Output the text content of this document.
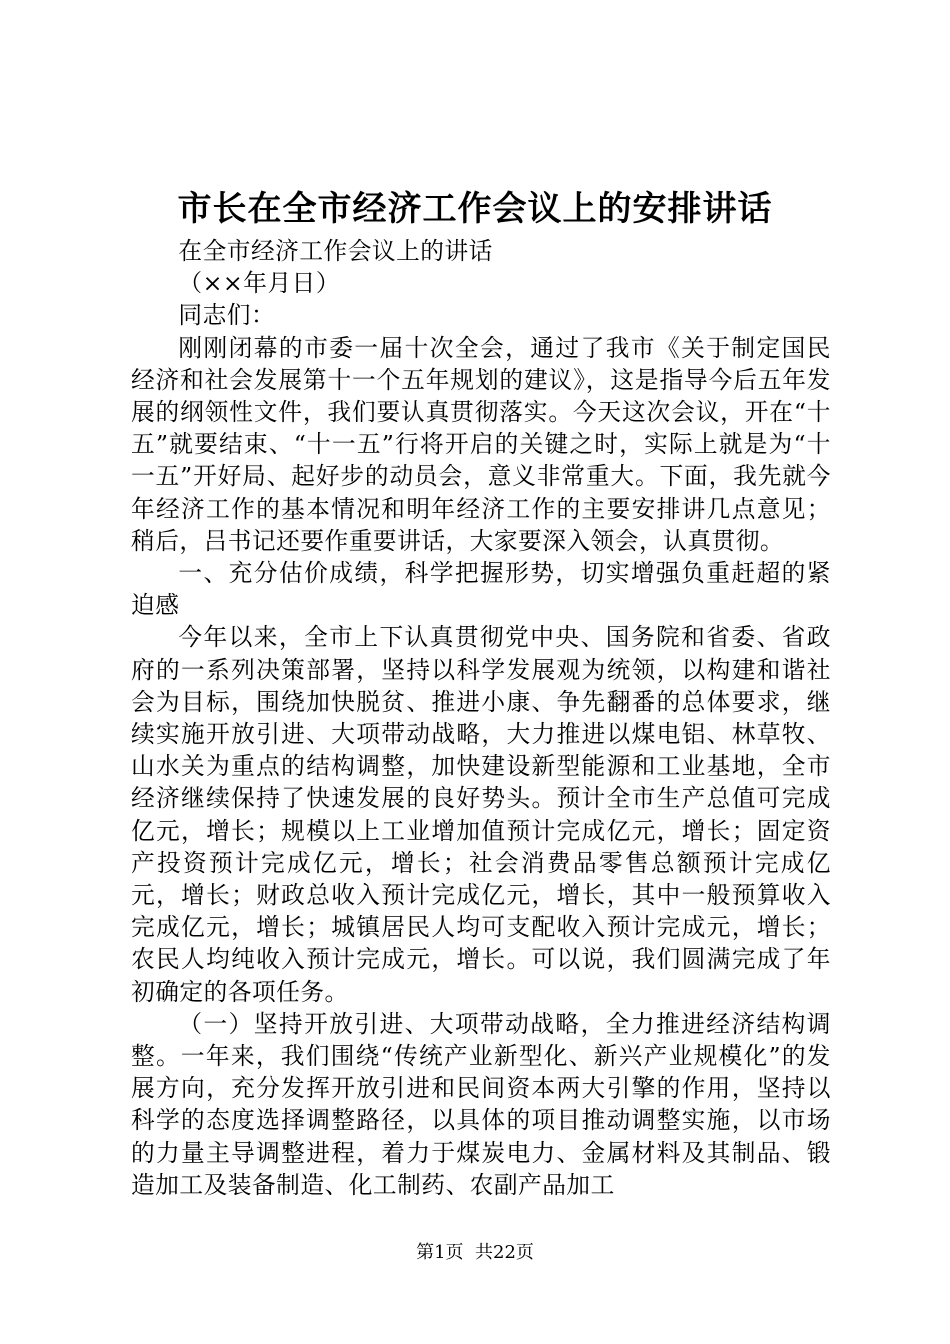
市长在全市经济工作会议上的安排讲话

在全市经济工作会议上的讲话

（××年月日）

同志们：

刚刚闭幕的市委一届十次全会，通过了我市《关于制定国民经济和社会发展第十一个五年规划的建议》，这是指导今后五年发展的纲领性文件，我们要认真贯彻落实。今天这次会议，开在“十五”就要结束、“十一五”行将开启的关键之时，实际上就是为“十一五”开好局、起好步的动员会，意义非常重大。下面，我先就今年经济工作的基本情况和明年经济工作的主要安排讲几点意见；稍后，吕书记还要作重要讲话，大家要深入领会，认真贯彻。

一、充分估价成绩，科学把握形势，切实增强负重赶超的紧迫感

今年以来，全市上下认真贯彻党中央、国务院和省委、省政府的一系列决策部署，坚持以科学发展观为统领，以构建和谐社会为目标，围绕加快脱贫、推进小康、争先翻番的总体要求，继续实施开放引进、大项带动战略，大力推进以煤电铝、林草牧、山水关为重点的结构调整，加快建设新型能源和工业基地，全市经济继续保持了快速发展的良好势头。预计全市生产总值可完成亿元，增长；规模以上工业增加值预计完成亿元，增长；固定资产投资预计完成亿元，增长；社会消费品零售总额预计完成亿元，增长；财政总收入预计完成亿元，增长，其中一般预算收入完成亿元，增长；城镇居民人均可支配收入预计完成元，增长；农民人均纯收入预计完成元，增长。可以说，我们圆满完成了年初确定的各项任务。

（一）坚持开放引进、大项带动战略，全力推进经济结构调整。一年来，我们围绕“传统产业新型化、新兴产业规模化”的发展方向，充分发挥开放引进和民间资本两大引擎的作用，坚持以科学的态度选择调整路径，以具体的项目推动调整实施，以市场的力量主导调整进程，着力于煤炭电力、金属材料及其制品、锻造加工及装备制造、化工制药、农副产品加工

第1页  共22页
